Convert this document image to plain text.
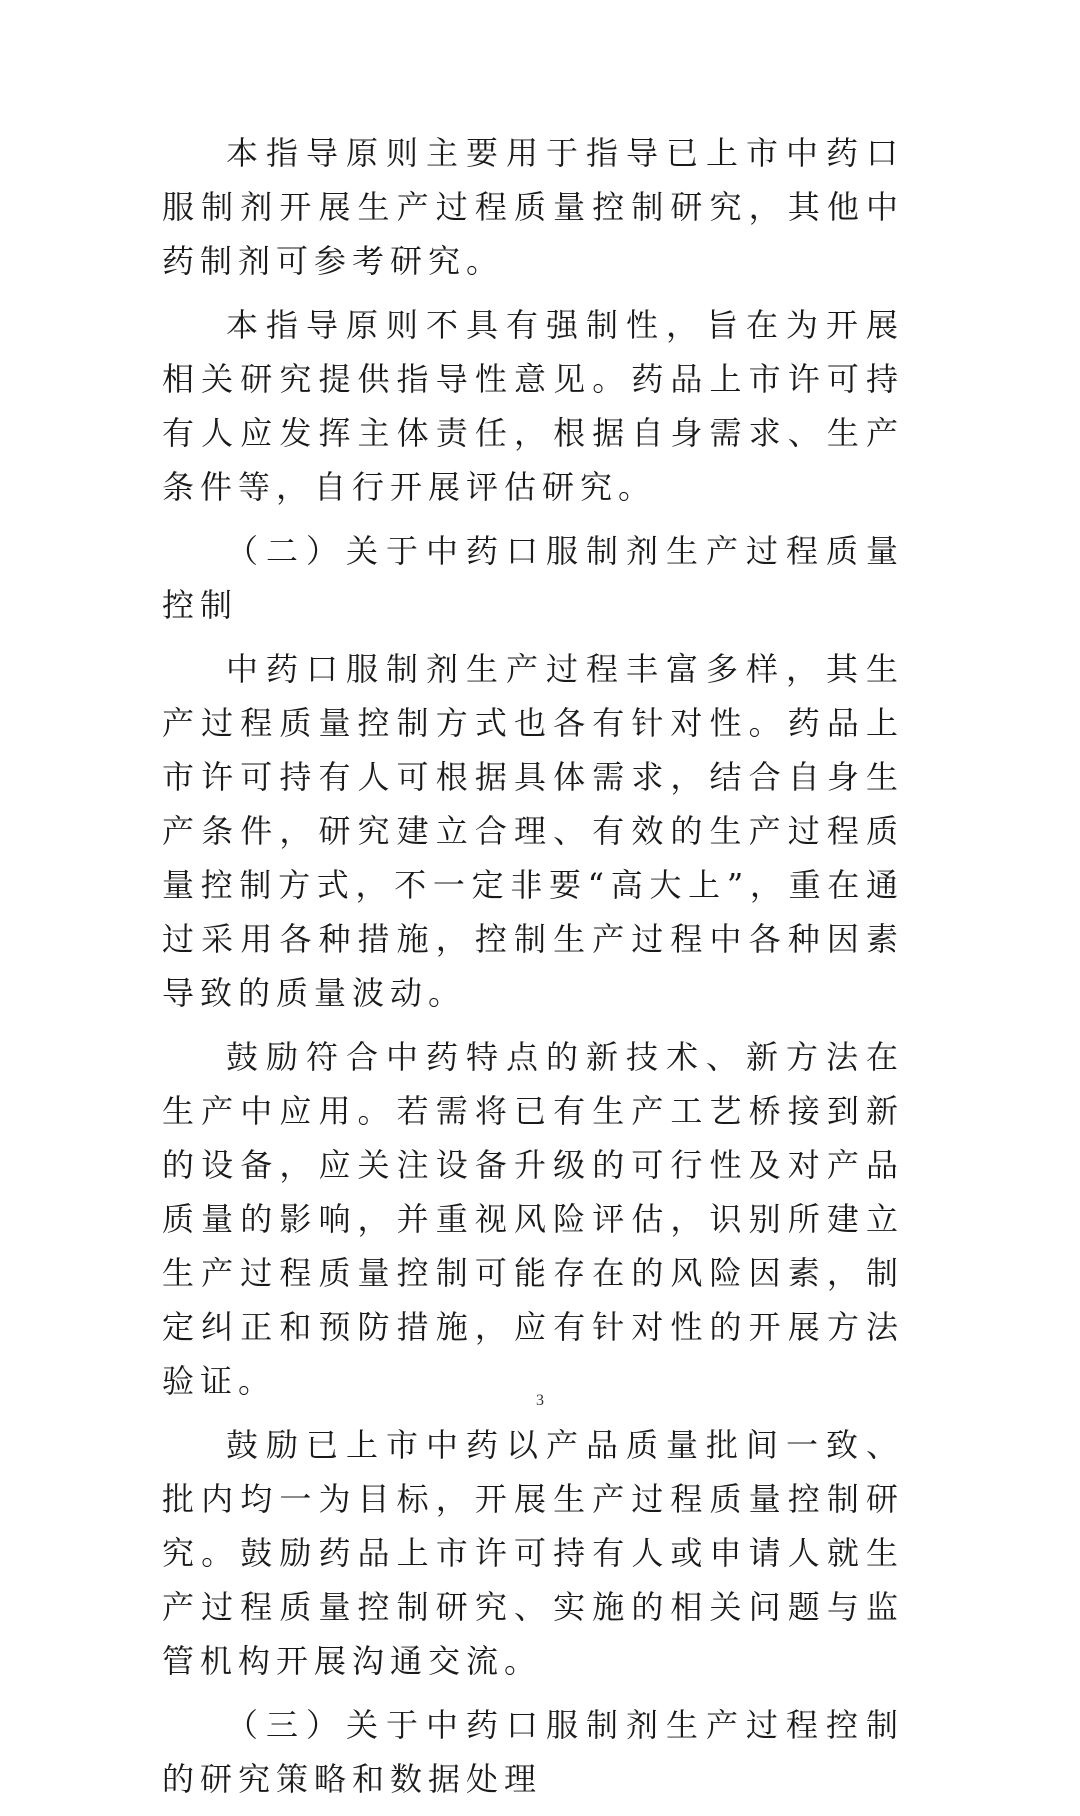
本指导原则主要用于指导已上市中药口服制剂开展生产过程质量控制研究，其他中药制剂可参考研究。

本指导原则不具有强制性，旨在为开展相关研究提供指导性意见。药品上市许可持有人应发挥主体责任，根据自身需求、生产条件等，自行开展评估研究。

（二）关于中药口服制剂生产过程质量控制

中药口服制剂生产过程丰富多样，其生产过程质量控制方式也各有针对性。药品上市许可持有人可根据具体需求，结合自身生产条件，研究建立合理、有效的生产过程质量控制方式，不一定非要“高大上”，重在通过采用各种措施，控制生产过程中各种因素导致的质量波动。

鼓励符合中药特点的新技术、新方法在生产中应用。若需将已有生产工艺桥接到新的设备，应关注设备升级的可行性及对产品质量的影响，并重视风险评估，识别所建立生产过程质量控制可能存在的风险因素，制定纠正和预防措施，应有针对性的开展方法验证。

鼓励已上市中药以产品质量批间一致、批内均一为目标，开展生产过程质量控制研究。鼓励药品上市许可持有人或申请人就生产过程质量控制研究、实施的相关问题与监管机构开展沟通交流。

（三）关于中药口服制剂生产过程控制的研究策略和数据处理

3
